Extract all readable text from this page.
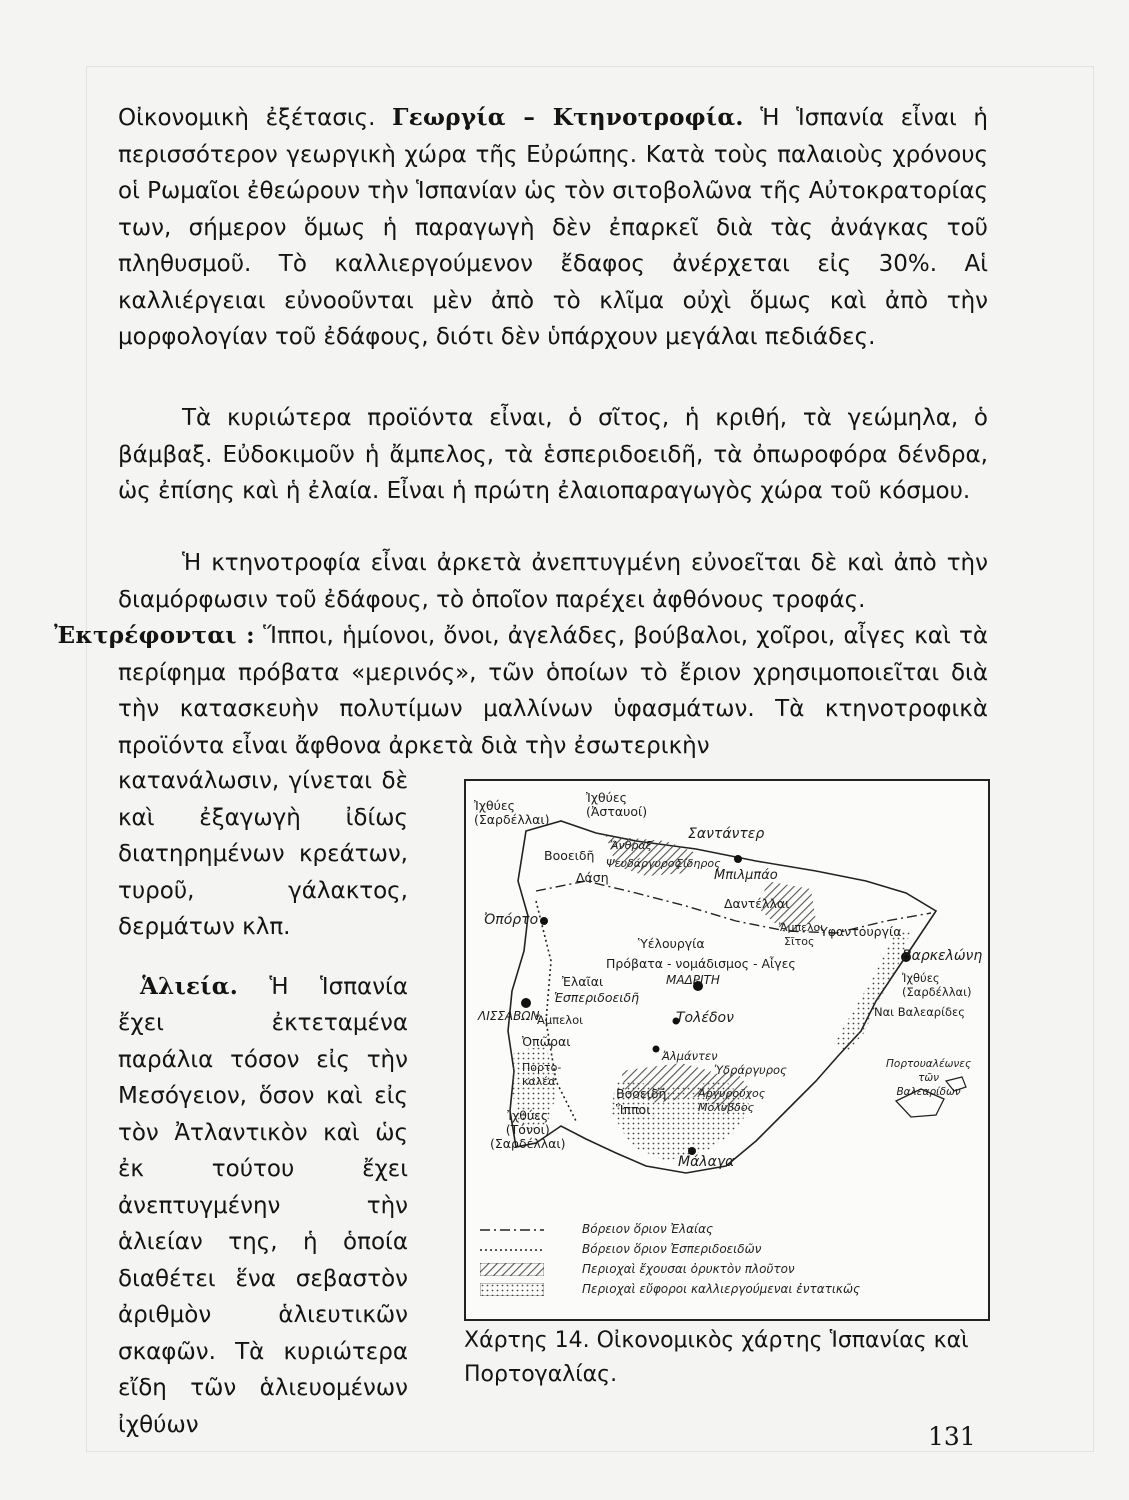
Οἰκονομικὴ ἐξέτασις. Γεωργία – Κτηνοτροφία. Ἡ Ἱσπανία εἶναι ἡ περισσότερον γεωργικὴ χώρα τῆς Εὐρώπης. Κατὰ τοὺς παλαιοὺς χρόνους οἱ Ρωμαῖοι ἐθεώρουν τὴν Ἱσπανίαν ὡς τὸν σιτοβολῶνα τῆς Αὐτοκρατορίας των, σήμερον ὅμως ἡ παραγωγὴ δὲν ἐπαρκεῖ διὰ τὰς ἀνάγκας τοῦ πληθυσμοῦ. Τὸ καλλιεργούμενον ἔδαφος ἀνέρχεται εἰς 30%. Αἱ καλλιέργειαι εὐνοοῦνται μὲν ἀπὸ τὸ κλῖμα οὐχὶ ὅμως καὶ ἀπὸ τὴν μορφολογίαν τοῦ ἐδάφους, διότι δὲν ὑπάρχουν μεγάλαι πεδιάδες.
Τὰ κυριώτερα προϊόντα εἶναι, ὁ σῖτος, ἡ κριθή, τὰ γεώμηλα, ὁ βάμβαξ. Εὐδοκιμοῦν ἡ ἄμπελος, τὰ ἑσπεριδοειδῆ, τὰ ὀπωροφόρα δένδρα, ὡς ἐπίσης καὶ ἡ ἐλαία. Εἶναι ἡ πρώτη ἐλαιοπαραγωγὸς χώρα τοῦ κόσμου.
Ἡ κτηνοτροφία εἶναι ἀρκετὰ ἀνεπτυγμένη εὐνοεῖται δὲ καὶ ἀπὸ τὴν διαμόρφωσιν τοῦ ἐδάφους, τὸ ὁποῖον παρέχει ἀφθόνους τροφάς.
Ἐκτρέφονται : Ἵπποι, ἡμίονοι, ὄνοι, ἀγελάδες, βούβαλοι, χοῖροι, αἶγες καὶ τὰ περίφημα πρόβατα «μερινός», τῶν ὁποίων τὸ ἔριον χρησιμοποιεῖται διὰ τὴν κατασκευὴν πολυτίμων μαλλίνων ὑφασμάτων. Τὰ κτηνοτροφικὰ προϊόντα εἶναι ἄφθονα ἀρκετὰ διὰ τὴν ἐσωτερικὴν

κατανάλωσιν, γίνεται δὲ καὶ ἐξαγωγὴ ἰδίως διατηρημένων κρεάτων, τυροῦ, γάλακτος, δερμάτων κλπ.

Ἁλιεία. Ἡ Ἱσπανία ἔχει ἐκτεταμένα παράλια τόσον εἰς τὴν Μεσόγειον, ὅσον καὶ εἰς τὸν Ἀτλαντικὸν καὶ ὡς ἐκ τούτου ἔχει ἀνεπτυγμένην τὴν ἁλιείαν της, ἡ ὁποία διαθέτει ἕνα σεβαστὸν ἀριθμὸν ἁλιευτικῶν σκαφῶν. Τὰ κυριώτερα εἴδη τῶν ἁλιευομένων ἰχθύων

Ἰχθύες
(Σαρδέλλαι)
Ἰχθύες
(Ἀσταυοί)
Σαντάντερ
Βοοειδῆ
Ἄνθραξ
Σίδηρος
Ψευδάργυρος
Μπιλμπάο
Δάση
Ὀπόρτο
Δαντέλλαι
Ἄμπελοι
Σῖτος
Ὑφαντουργία
Ὑέλουργία
Πρόβατα - νομάδισμος - Αἶγες
ΜΑΔΡΙΤΗ
Βαρκελώνη
Ἰχθύες
(Σαρδέλλαι)
Ναι Βαλεαρίδες
Ἐλαῖαι
Ἑσπεριδοειδῆ
ΛΙΣΣΑΒΩΝ
Ἄμπελοι	Τολέδον
Ὀπῶραι
Ἀλμάντεν
Ὑδράργυρος	Πορτουαλέωνες
τῶν
Βαλεαρίδων
Πορτο-
καλέα
Βοοειδῆ
Ἵπποι
Ἀργυροῦχος
Μόλυβδος
Ἰχθύες
(Τόνοι)
(Σαρδέλλαι)
Μάλαγα
Βόρειον ὅριον Ἐλαίας
Βόρειον ὅριον Ἐσπεριδοειδῶν
Περιοχαὶ ἔχουσαι ὀρυκτὸν πλοῦτον
Περιοχαὶ εὔφοροι καλλιεργούμεναι ἐντατικῶς
Χάρτης 14. Οἰκονομικὸς χάρτης Ἱσπανίας καὶ Πορτογαλίας.
131
